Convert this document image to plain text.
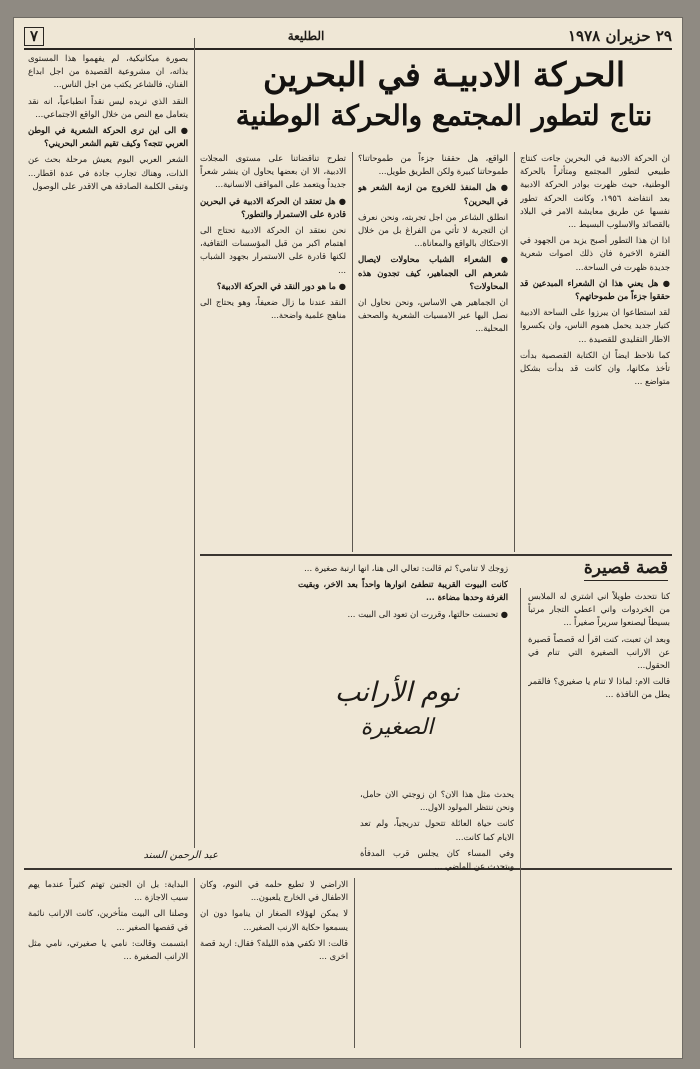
٢٩ حزيران ١٩٧٨
الطليعة
٧
الحركة الادبيـة في البحرين
نتاج لتطور المجتمع والحركة الوطنية

ان الحركة الادبية في البحرين جاءت كنتاج طبيعي لتطور المجتمع ومتأثراً بالحركة الوطنية، حيث ظهرت بوادر الحركة الادبية بعد انتفاضة ١٩٥٦، وكانت الحركة تطور نفسها عن طريق معايشة الامر في البلاد بالقصائد والاسلوب البسيط ...

اذا ان هذا التطور أصبح يزيد من الجهود في الفترة الاخيرة فان ذلك اصوات شعرية جديدة ظهرت في الساحة...

● هل يعني هذا ان الشعراء المبدعين قد حققوا جزءاً من طموحاتهم؟

لقد استطاعوا ان يبرزوا على الساحة الادبية كتيار جديد يحمل هموم الناس، وان يكسروا الاطار التقليدي للقصيدة ...

كما نلاحظ ايضاً ان الكتابة القصصية بدأت تأخذ مكانها، وان كانت قد بدأت بشكل متواضع ...

الواقع، هل حققنا جزءاً من طموحاتنا؟ طموحاتنا كبيرة ولكن الطريق طويل...

● هل المنفذ للخروج من ازمة الشعر هو في البحرين؟

انطلق الشاعر من اجل تجربته، ونحن نعرف ان التجربة لا تأتي من الفراغ بل من خلال الاحتكاك بالواقع والمعاناة...

● الشعراء الشباب محاولات لايصال شعرهم الى الجماهير، كيف تجدون هذه المحاولات؟

ان الجماهير هي الاساس، ونحن نحاول ان نصل اليها عبر الامسيات الشعرية والصحف المحلية...

تطرح تناقضاتنا على مستوى المجلات الادبية، الا ان بعضها يحاول ان ينشر شعراً جديداً ويتعمد على المواقف الانسانية...

● هل تعتقد ان الحركة الادبية في البحرين قادرة على الاستمرار والتطور؟

نحن نعتقد ان الحركة الادبية تحتاج الى اهتمام اكبر من قبل المؤسسات الثقافية، لكنها قادرة على الاستمرار بجهود الشباب ...

● ما هو دور النقد في الحركة الادبية؟

النقد عندنا ما زال ضعيفاً، وهو يحتاج الى مناهج علمية واضحة...

بصورة ميكانيكية، لم يفهموا هذا المستوى بذاته، ان مشروعية القصيدة من اجل ابداع الفنان، فالشاعر يكتب من اجل الناس...

النقد الذي نريده ليس نقداً انطباعياً، انه نقد يتعامل مع النص من خلال الواقع الاجتماعي...

● الى اين ترى الحركة الشعرية في الوطن العربي تتجه؟ وكيف تقيم الشعر البحريني؟

الشعر العربي اليوم يعيش مرحلة بحث عن الذات، وهناك تجارب جادة في عدة اقطار... وتبقى الكلمة الصادقة هي الاقدر على الوصول

عبد الرحمن السند
قصة قصيرة
نوم الأرانب
الصغيرة

كنا نتحدث طويلاً اني اشتري له الملابس من الخردوات واني اعطي التجار مرتباً بسيطاً ليصنعوا سريراً صغيراً ...

وبعد ان تعبت، كنت اقرأ له قصصاً قصيرة عن الارانب الصغيرة التي تنام في الحقول...

قالت الام: لماذا لا تنام يا صغيري؟ فالقمر يطل من النافذة ...

يحدث مثل هذا الان؟ ان زوجتي الان حامل، ونحن ننتظر المولود الاول...

كانت حياة العائلة تتحول تدريجياً، ولم تعد الايام كما كانت...

وفي المساء كان يجلس قرب المدفأة ويتحدث عن الماضي ...

زوجك لا تنامي؟ ثم قالت: تعالي الى هنا، انها ارنبة صغيرة ...

كانت البيوت القريبة تنطفئ انوارها واحداً بعد الاخر، وبقيت الغرفة وحدها مضاءة ...

● تحسنت حالتها، وقررت ان تعود الى البيت ...

الاراضي لا تطيع حلمه في النوم، وكان الاطفال في الخارج يلعبون...

لا يمكن لهؤلاء الصغار ان يناموا دون ان يسمعوا حكاية الارنب الصغير...

قالت: الا تكفي هذه الليلة؟ فقال: اريد قصة اخرى ...

البداية: بل ان الجنين تهتم كثيراً عندما يهم سيب الاجازة ...

وصلنا الى البيت متأخرين، كانت الارانب نائمة في قفصها الصغير ...

ابتسمت وقالت: نامي يا صغيرتي، نامي مثل الارانب الصغيرة ...
